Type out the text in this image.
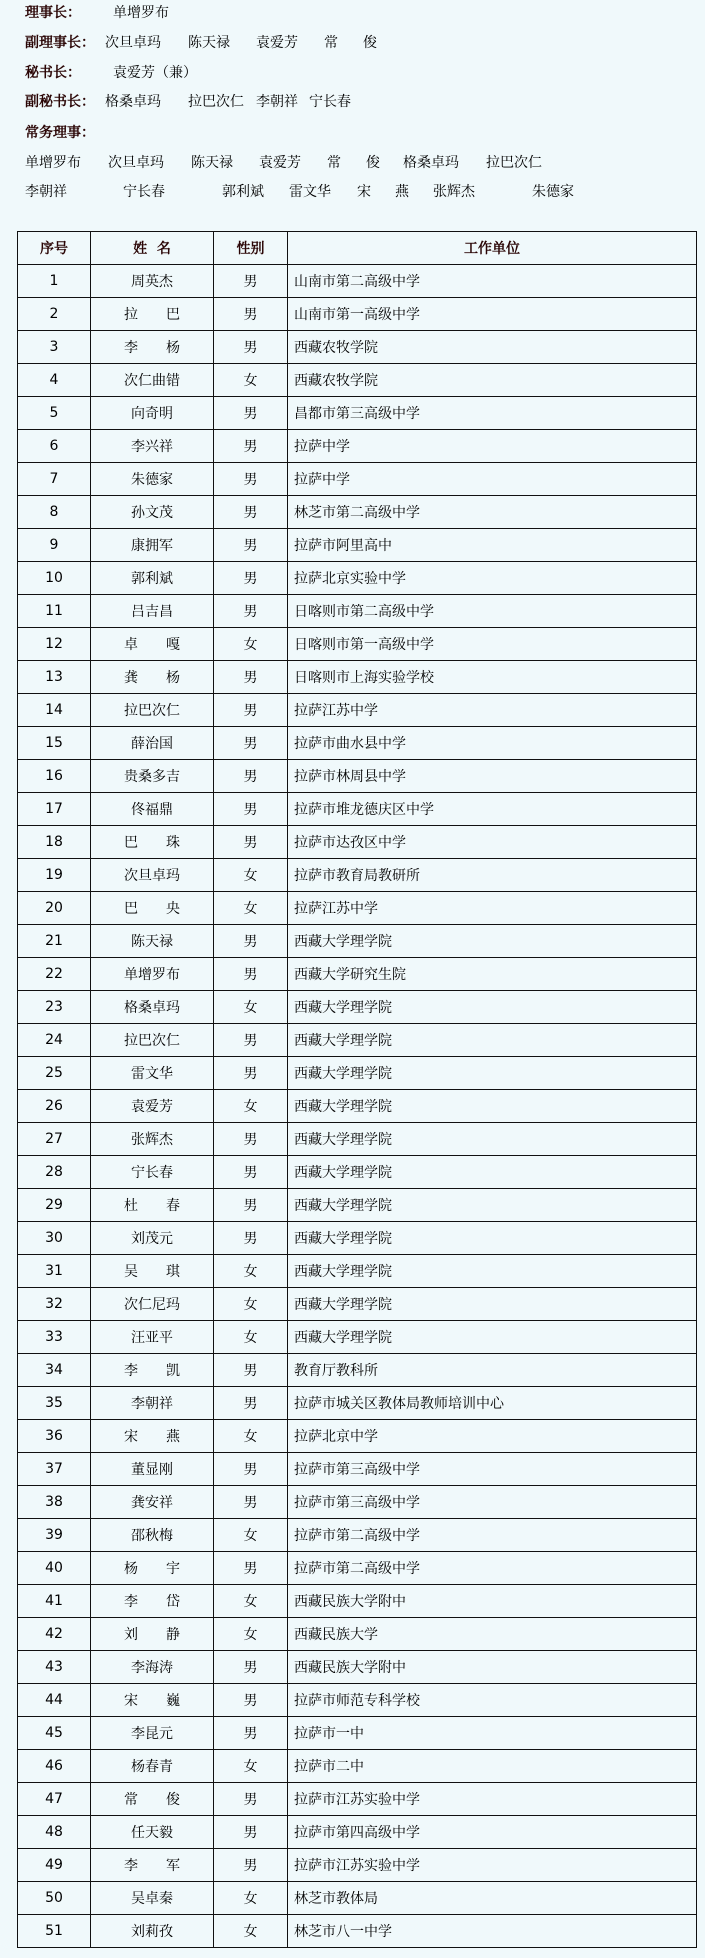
理事长： 单增罗布
副理事长： 次旦卓玛 陈天禄 袁爱芳 常 俊
秘书长： 袁爱芳（兼）
副秘书长： 格桑卓玛 拉巴次仁 李朝祥 宁长春
常务理事：
单增罗布 次旦卓玛 陈天禄 袁爱芳 常 俊 格桑卓玛 拉巴次仁
李朝祥	宁长春	郭利斌 雷文华 宋 燕 张辉杰	朱德家
序号	姓  名	性别	工作单位
1	周英杰	男	山南市第二高级中学
2	拉　　巴	男	山南市第一高级中学
3	李　　杨	男	西藏农牧学院
4	次仁曲错	女	西藏农牧学院
5	向奇明	男	昌都市第三高级中学
6	李兴祥	男	拉萨中学
7	朱德家	男	拉萨中学
8	孙文茂	男	林芝市第二高级中学
9	康拥军	男	拉萨市阿里高中
10	郭利斌	男	拉萨北京实验中学
11	吕吉昌	男	日喀则市第二高级中学
12	卓　　嘎	女	日喀则市第一高级中学
13	龚　　杨	男	日喀则市上海实验学校
14	拉巴次仁	男	拉萨江苏中学
15	薛治国	男	拉萨市曲水县中学
16	贵桑多吉	男	拉萨市林周县中学
17	佟福鼎	男	拉萨市堆龙德庆区中学
18	巴　　珠	男	拉萨市达孜区中学
19	次旦卓玛	女	拉萨市教育局教研所
20	巴　　央	女	拉萨江苏中学
21	陈天禄	男	西藏大学理学院
22	单增罗布	男	西藏大学研究生院
23	格桑卓玛	女	西藏大学理学院
24	拉巴次仁	男	西藏大学理学院
25	雷文华	男	西藏大学理学院
26	袁爱芳	女	西藏大学理学院
27	张辉杰	男	西藏大学理学院
28	宁长春	男	西藏大学理学院
29	杜　　春	男	西藏大学理学院
30	刘茂元	男	西藏大学理学院
31	吴　　琪	女	西藏大学理学院
32	次仁尼玛	女	西藏大学理学院
33	汪亚平	女	西藏大学理学院
34	李　　凯	男	教育厅教科所
35	李朝祥	男	拉萨市城关区教体局教师培训中心
36	宋　　燕	女	拉萨北京中学
37	董显刚	男	拉萨市第三高级中学
38	龚安祥	男	拉萨市第三高级中学
39	邵秋梅	女	拉萨市第二高级中学
40	杨　　宇	男	拉萨市第二高级中学
41	李　　岱	女	西藏民族大学附中
42	刘　　静	女	西藏民族大学
43	李海涛	男	西藏民族大学附中
44	宋　　巍	男	拉萨市师范专科学校
45	李昆元	男	拉萨市一中
46	杨春青	女	拉萨市二中
47	常　　俊	男	拉萨市江苏实验中学
48	任天毅	男	拉萨市第四高级中学
49	李　　军	男	拉萨市江苏实验中学
50	吴卓秦	女	林芝市教体局
51	刘莉孜	女	林芝市八一中学
